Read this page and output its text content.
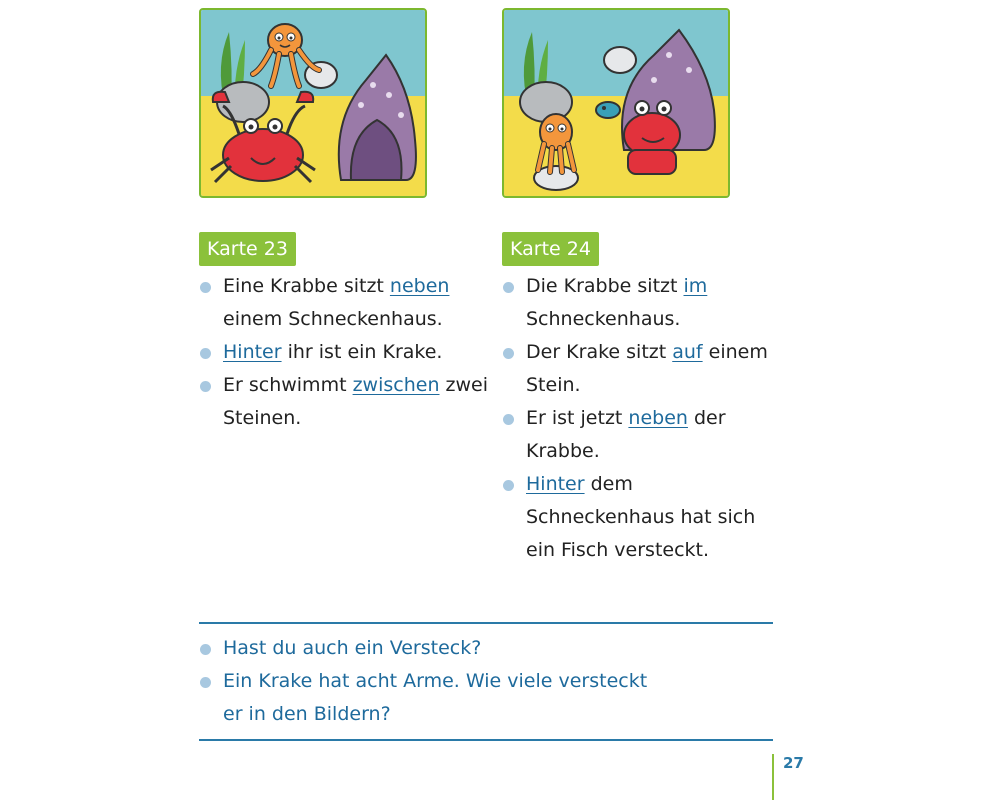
Karte 23	Karte 24
Eine Krabbe sitzt neben einem Schneckenhaus.
Hinter ihr ist ein Krake.
Er schwimmt zwischen zwei Steinen.
Die Krabbe sitzt im Schneckenhaus.
Der Krake sitzt auf einem Stein.
Er ist jetzt neben der Krabbe.
Hinter dem Schneckenhaus hat sich ein Fisch versteckt.
Hast du auch ein Versteck?
Ein Krake hat acht Arme. Wie viele versteckt er in den Bildern?
27
